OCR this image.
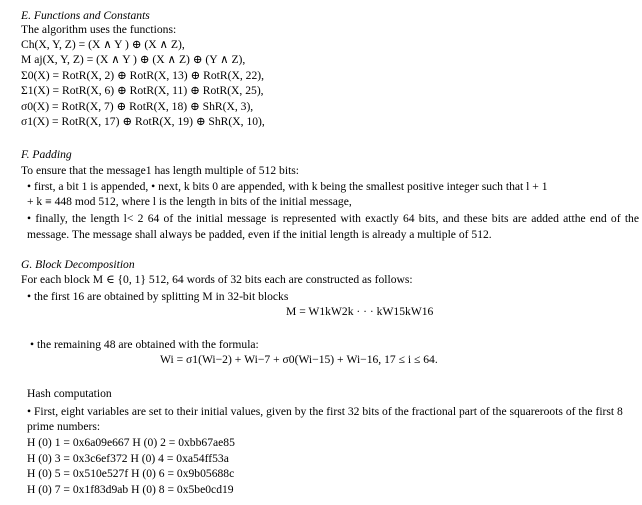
E. Functions and Constants
The algorithm uses the functions:
Ch(X, Y, Z) = (X ∧ Y ) ⊕ (X ∧ Z),
M aj(X, Y, Z) = (X ∧ Y ) ⊕ (X ∧ Z) ⊕ (Y ∧ Z),
Σ0(X) = RotR(X, 2) ⊕ RotR(X, 13) ⊕ RotR(X, 22),
Σ1(X) = RotR(X, 6) ⊕ RotR(X, 11) ⊕ RotR(X, 25),
σ0(X) = RotR(X, 7) ⊕ RotR(X, 18) ⊕ ShR(X, 3),
σ1(X) = RotR(X, 17) ⊕ RotR(X, 19) ⊕ ShR(X, 10),
F. Padding
To ensure that the message1 has length multiple of 512 bits:
• first, a bit 1 is appended, • next, k bits 0 are appended, with k being the smallest positive integer such that l + 1
+ k ≡ 448 mod 512, where l is the length in bits of the initial message,
• finally, the length l< 2 64 of the initial message is represented with exactly 64 bits, and these bits are added atthe end of the
message. The message shall always be padded, even if the initial length is already a multiple of 512.
G. Block Decomposition
For each block M ∈ {0, 1} 512, 64 words of 32 bits each are constructed as follows:
• the first 16 are obtained by splitting M in 32-bit blocks
M = W1kW2k · · · kW15kW16
• the remaining 48 are obtained with the formula:
Wi = σ1(Wi−2) + Wi−7 + σ0(Wi−15) + Wi−16, 17 ≤ i ≤ 64.
Hash computation
• First, eight variables are set to their initial values, given by the first 32 bits of the fractional part of the squareroots of the first 8
prime numbers:
H (0) 1 = 0x6a09e667 H (0) 2 = 0xbb67ae85
H (0) 3 = 0x3c6ef372 H (0) 4 = 0xa54ff53a
H (0) 5 = 0x510e527f H (0) 6 = 0x9b05688c
H (0) 7 = 0x1f83d9ab H (0) 8 = 0x5be0cd19
